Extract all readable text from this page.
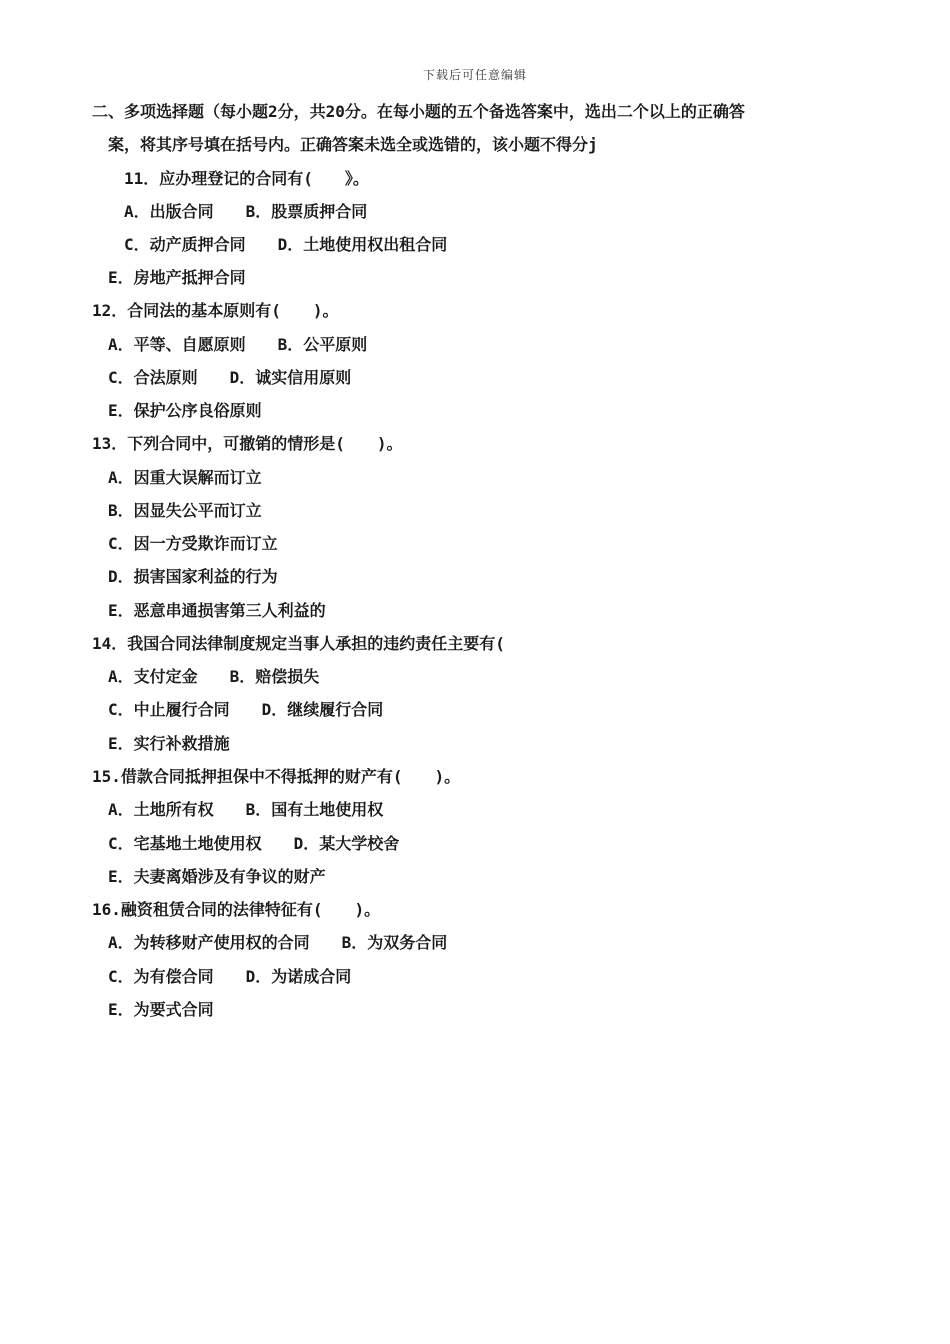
下载后可任意编辑
二、多项选择题（每小题2分，共20分。在每小题的五个备选答案中，选出二个以上的正确答
案，将其序号填在括号内。正确答案未选全或选错的，该小题不得分j
11．应办理登记的合同有(　　》。
A．出版合同　　B．股票质押合同
C．动产质押合同　　D．土地使用权出租合同
E．房地产抵押合同
12．合同法的基本原则有(　　)。
A．平等、自愿原则　　B．公平原则
C．合法原则　　D．诚实信用原则
E．保护公序良俗原则
13．下列合同中，可撤销的情形是(　　)。
A．因重大误解而订立
B．因显失公平而订立
C．因一方受欺诈而订立
D．损害国家利益的行为
E．恶意串通损害第三人利益的
14．我国合同法律制度规定当事人承担的违约责任主要有(
A．支付定金　　B．赔偿损失
C．中止履行合同　　D．继续履行合同
E．实行补救措施
15.借款合同抵押担保中不得抵押的财产有(　　)。
A．土地所有权　　B．国有土地使用权
C．宅基地土地使用权　　D．某大学校舍
E．夫妻离婚涉及有争议的财产
16.融资租赁合同的法律特征有(　　)。
A．为转移财产使用权的合同　　B．为双务合同
C．为有偿合同　　D．为诺成合同
E．为要式合同
